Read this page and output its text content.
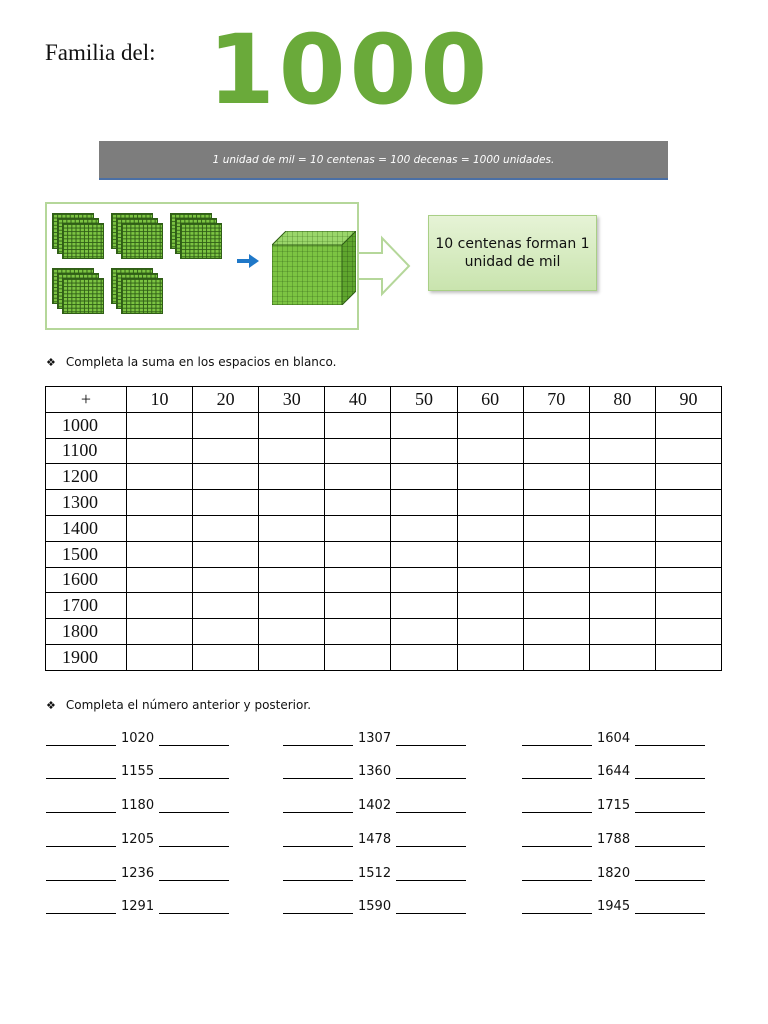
Familia del: 1000
1 unidad de mil = 10 centenas = 100 decenas = 1000 unidades.
10 centenas forman 1 unidad de mil
❖ Completa la suma en los espacios en blanco.
+	10	20	30	40	50	60	70	80	90
1000									
1100									
1200									
1300									
1400									
1500									
1600									
1700									
1800									
1900									
❖ Completa el número anterior y posterior.
1020
1155
1180
1205
1236
1291
1307
1360
1402
1478
1512
1590
1604
1644
1715
1788
1820
1945
